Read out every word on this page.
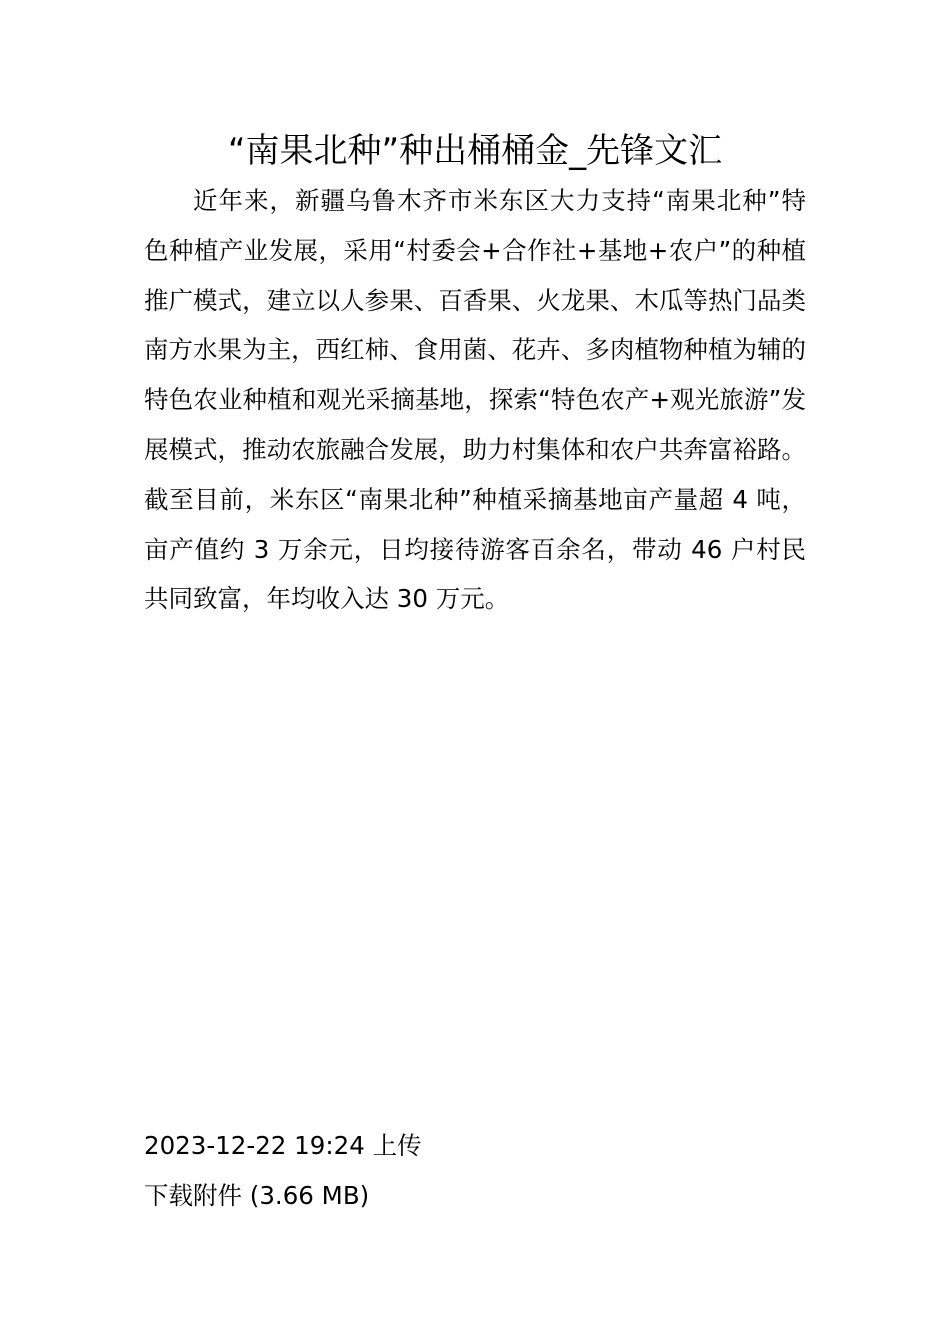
“南果北种”种出桶桶金_先锋文汇

近年来，新疆乌鲁木齐市米东区大力支持“南果北种”特色种植产业发展，采用“村委会+合作社+基地+农户”的种植推广模式，建立以人参果、百香果、火龙果、木瓜等热门品类南方水果为主，西红柿、食用菌、花卉、多肉植物种植为辅的特色农业种植和观光采摘基地，探索“特色农产+观光旅游”发展模式，推动农旅融合发展，助力村集体和农户共奔富裕路。截至目前，米东区“南果北种”种植采摘基地亩产量超 4 吨，亩产值约 3 万余元，日均接待游客百余名，带动 46 户村民共同致富，年均收入达 30 万元。

2023-12-22 19:24 上传
下载附件 (3.66 MB)
